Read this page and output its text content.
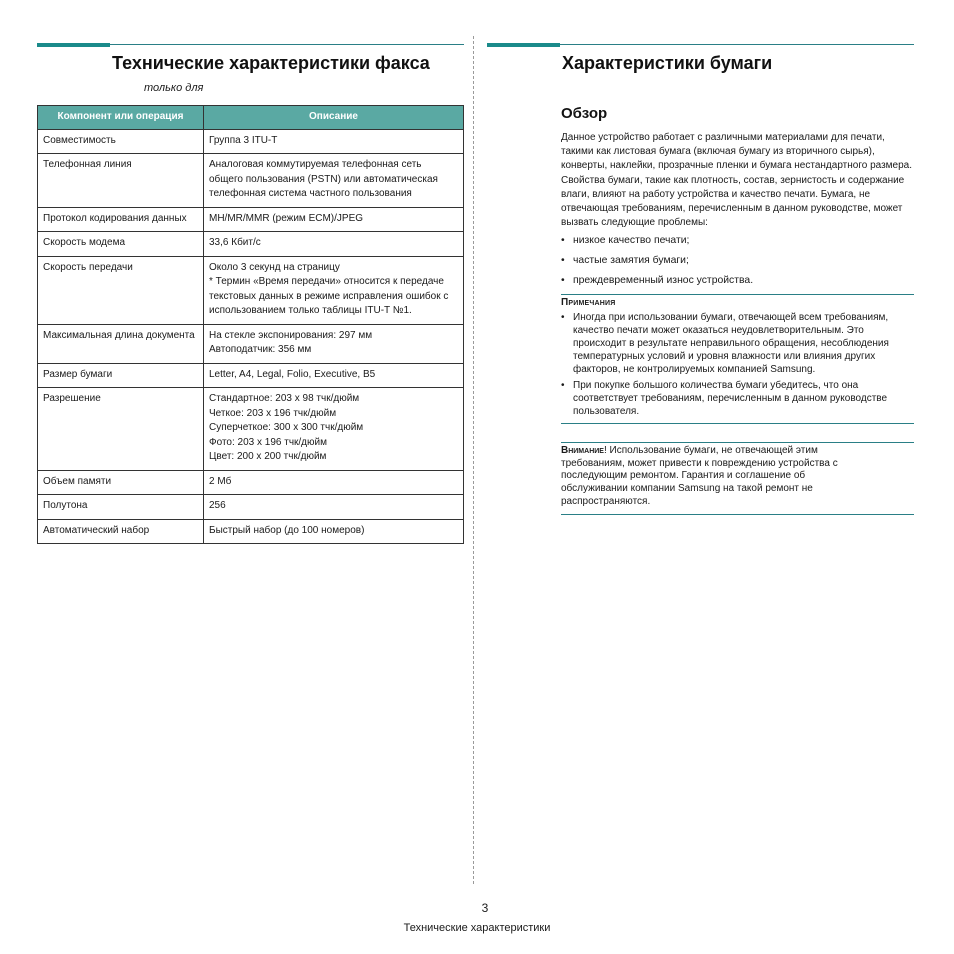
Технические характеристики факса
только для
Компонент или операция	Описание
Совместимость	Группа 3 ITU-T
Телефонная линия	Аналоговая коммутируемая телефонная сеть общего пользования (PSTN) или автоматическая телефонная система частного пользования
Протокол кодирования данных	MH/MR/MMR (режим ECM)/JPEG
Скорость модема	33,6 Кбит/с
Скорость передачи	Около 3 секунд на страницу
* Термин «Время передачи» относится к передаче текстовых данных в режиме исправления ошибок с использованием только таблицы ITU-T №1.
Максимальная длина документа	На стекле экспонирования: 297 мм
Автоподатчик: 356 мм
Размер бумаги	Letter, A4, Legal, Folio, Executive, B5
Разрешение	Стандартное: 203 x 98 тчк/дюйм
Четкое: 203 x 196 тчк/дюйм
Суперчеткое: 300 x 300 тчк/дюйм
Фото: 203 x 196 тчк/дюйм
Цвет: 200 x 200 тчк/дюйм
Объем памяти	2 Мб
Полутона	256
Автоматический набор	Быстрый набор (до 100 номеров)
Характеристики бумаги
Обзор

Данное устройство работает с различными материалами для печати, такими как листовая бумага (включая бумагу из вторичного сырья), конверты, наклейки, прозрачные пленки и бумага нестандартного размера. Свойства бумаги, такие как плотность, состав, зернистость и содержание влаги, влияют на работу устройства и качество печати. Бумага, не отвечающая требованиям, перечисленным в данном руководстве, может вызвать следующие проблемы:

• низкое качество печати;
• частые замятия бумаги;
• преждевременный износ устройства.
Примечания
• Иногда при использовании бумаги, отвечающей всем требованиям, качество печати может оказаться неудовлетворительным. Это происходит в результате неправильного обращения, несоблюдения температурных условий и уровня влажности или влияния других факторов, не контролируемых компанией Samsung.
• При покупке большого количества бумаги убедитесь, что она соответствует требованиям, перечисленным в данном руководстве пользователя.
Внимание! Использование бумаги, не отвечающей этим требованиям, может привести к повреждению устройства с последующим ремонтом. Гарантия и соглашение об обслуживании компании Samsung на такой ремонт не распространяются.
3
Технические характеристики
